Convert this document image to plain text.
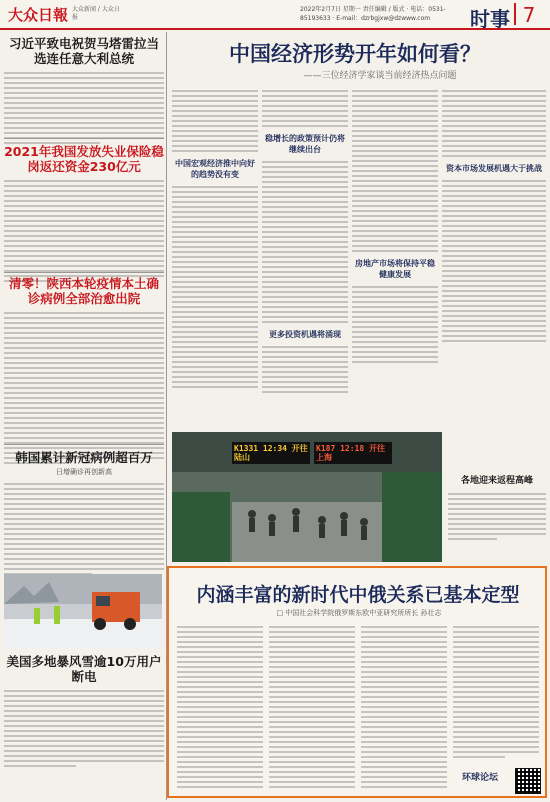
大众日報 大众新闻 / 大众日报
2022年2月7日 星期一 责任编辑 / 版式 · 电话：0531-85193633 · E-mail：dzrbgjxw@dzwww.com	时事 7
习近平致电祝贺马塔雷拉当选连任意大利总统
2021年我国发放失业保险稳岗返还资金230亿元
清零！陕西本轮疫情本土确诊病例全部治愈出院
韩国累计新冠病例超百万
日增确诊再创新高
美国多地暴风雪逾10万用户断电
中国经济形势开年如何看？
——三位经济学家谈当前经济热点问题
中国宏观经济推中向好的趋势没有变
稳增长的政策预计仍将继续出台
更多投资机遇将涌现
房地产市场将保持平稳健康发展
资本市场发展机遇大于挑战
K1331 12:34 开往 陆山
K187 12:18 开往 上海
各地迎来返程高峰
内涵丰富的新时代中俄关系已基本定型
□ 中国社会科学院俄罗斯东欧中亚研究所所长 孙壮志
环球论坛
